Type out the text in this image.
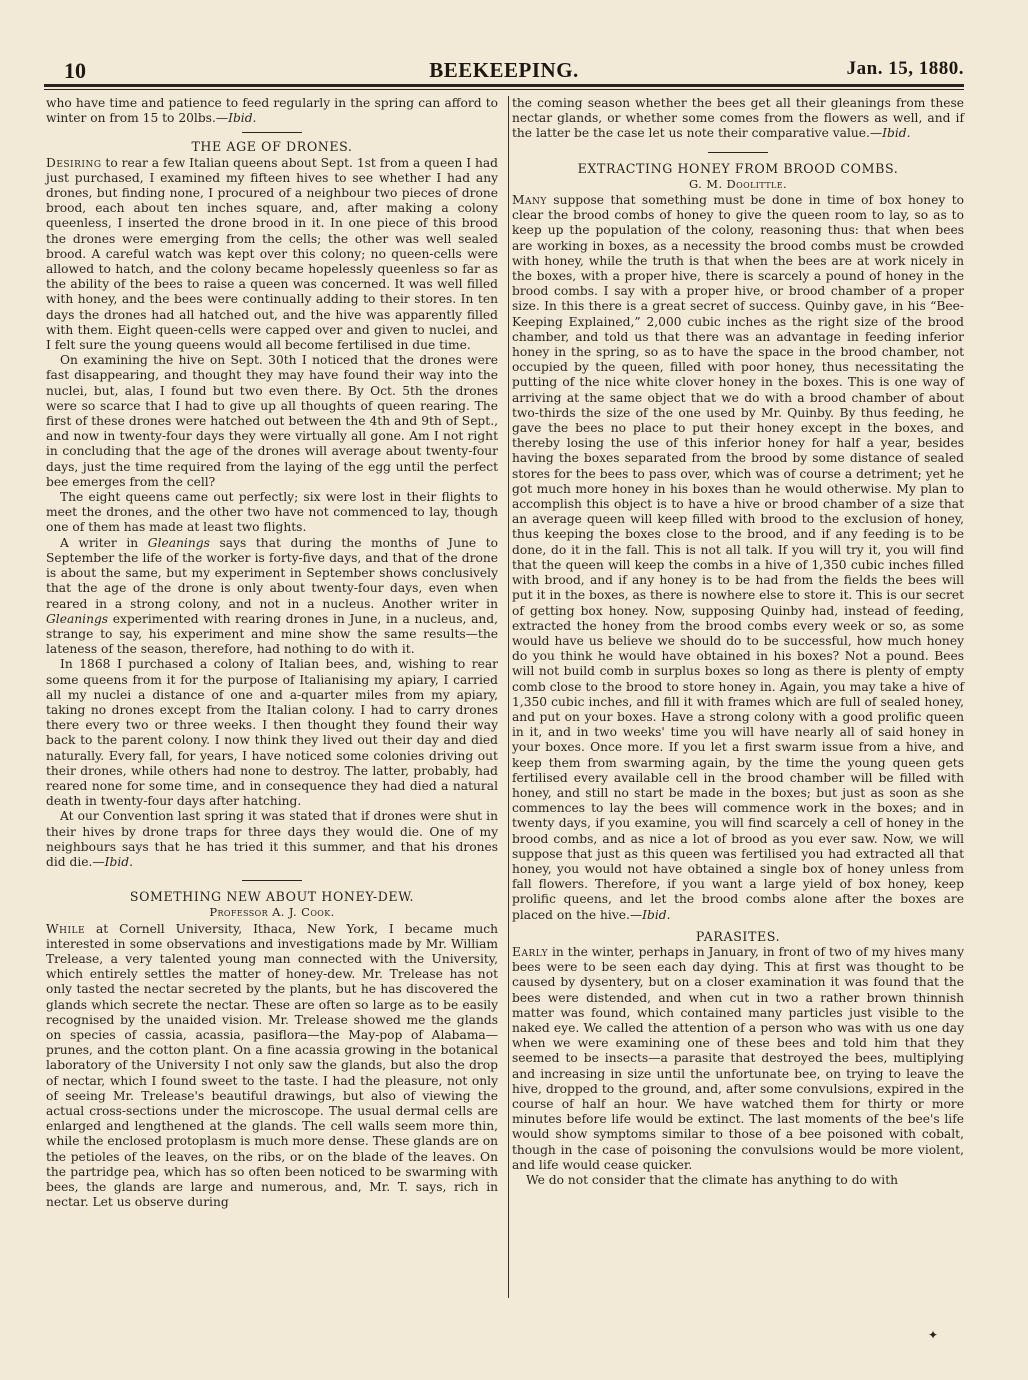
10	BEEKEEPING.	Jan. 15, 1880.

who have time and patience to feed regularly in the spring can afford to winter on from 15 to 20lbs.—Ibid.

THE AGE OF DRONES.

Desiring to rear a few Italian queens about Sept. 1st from a queen I had just purchased, I examined my fifteen hives to see whether I had any drones, but finding none, I procured of a neighbour two pieces of drone brood, each about ten inches square, and, after making a colony queenless, I inserted the drone brood in it. In one piece of this brood the drones were emerging from the cells; the other was well sealed brood. A careful watch was kept over this colony; no queen-cells were allowed to hatch, and the colony became hopelessly queenless so far as the ability of the bees to raise a queen was concerned. It was well filled with honey, and the bees were continually adding to their stores. In ten days the drones had all hatched out, and the hive was apparently filled with them. Eight queen-cells were capped over and given to nuclei, and I felt sure the young queens would all become fertilised in due time.

On examining the hive on Sept. 30th I noticed that the drones were fast disappearing, and thought they may have found their way into the nuclei, but, alas, I found but two even there. By Oct. 5th the drones were so scarce that I had to give up all thoughts of queen rearing. The first of these drones were hatched out between the 4th and 9th of Sept., and now in twenty-four days they were virtually all gone. Am I not right in concluding that the age of the drones will average about twenty-four days, just the time required from the laying of the egg until the perfect bee emerges from the cell?

The eight queens came out perfectly; six were lost in their flights to meet the drones, and the other two have not commenced to lay, though one of them has made at least two flights.

A writer in Gleanings says that during the months of June to September the life of the worker is forty-five days, and that of the drone is about the same, but my experiment in September shows conclusively that the age of the drone is only about twenty-four days, even when reared in a strong colony, and not in a nucleus. Another writer in Gleanings experimented with rearing drones in June, in a nucleus, and, strange to say, his experiment and mine show the same results—the lateness of the season, therefore, had nothing to do with it.

In 1868 I purchased a colony of Italian bees, and, wishing to rear some queens from it for the purpose of Italianising my apiary, I carried all my nuclei a distance of one and a-quarter miles from my apiary, taking no drones except from the Italian colony. I had to carry drones there every two or three weeks. I then thought they found their way back to the parent colony. I now think they lived out their day and died naturally. Every fall, for years, I have noticed some colonies driving out their drones, while others had none to destroy. The latter, probably, had reared none for some time, and in consequence they had died a natural death in twenty-four days after hatching.

At our Convention last spring it was stated that if drones were shut in their hives by drone traps for three days they would die. One of my neighbours says that he has tried it this summer, and that his drones did die.—Ibid.

SOMETHING NEW ABOUT HONEY-DEW.
Professor A. J. Cook.

While at Cornell University, Ithaca, New York, I became much interested in some observations and investigations made by Mr. William Trelease, a very talented young man connected with the University, which entirely settles the matter of honey-dew. Mr. Trelease has not only tasted the nectar secreted by the plants, but he has discovered the glands which secrete the nectar. These are often so large as to be easily recognised by the unaided vision. Mr. Trelease showed me the glands on species of cassia, acassia, pasiflora—the May-pop of Alabama—prunes, and the cotton plant. On a fine acassia growing in the botanical laboratory of the University I not only saw the glands, but also the drop of nectar, which I found sweet to the taste. I had the pleasure, not only of seeing Mr. Trelease's beautiful drawings, but also of viewing the actual cross-sections under the microscope. The usual dermal cells are enlarged and lengthened at the glands. The cell walls seem more thin, while the enclosed protoplasm is much more dense. These glands are on the petioles of the leaves, on the ribs, or on the blade of the leaves. On the partridge pea, which has so often been noticed to be swarming with bees, the glands are large and numerous, and, Mr. T. says, rich in nectar. Let us observe during

the coming season whether the bees get all their gleanings from these nectar glands, or whether some comes from the flowers as well, and if the latter be the case let us note their comparative value.—Ibid.

EXTRACTING HONEY FROM BROOD COMBS.
G. M. Doolittle.

Many suppose that something must be done in time of box honey to clear the brood combs of honey to give the queen room to lay, so as to keep up the population of the colony, reasoning thus: that when bees are working in boxes, as a necessity the brood combs must be crowded with honey, while the truth is that when the bees are at work nicely in the boxes, with a proper hive, there is scarcely a pound of honey in the brood combs. I say with a proper hive, or brood chamber of a proper size. In this there is a great secret of success. Quinby gave, in his “Bee-Keeping Explained,” 2,000 cubic inches as the right size of the brood chamber, and told us that there was an advantage in feeding inferior honey in the spring, so as to have the space in the brood chamber, not occupied by the queen, filled with poor honey, thus necessitating the putting of the nice white clover honey in the boxes. This is one way of arriving at the same object that we do with a brood chamber of about two-thirds the size of the one used by Mr. Quinby. By thus feeding, he gave the bees no place to put their honey except in the boxes, and thereby losing the use of this inferior honey for half a year, besides having the boxes separated from the brood by some distance of sealed stores for the bees to pass over, which was of course a detriment; yet he got much more honey in his boxes than he would otherwise. My plan to accomplish this object is to have a hive or brood chamber of a size that an average queen will keep filled with brood to the exclusion of honey, thus keeping the boxes close to the brood, and if any feeding is to be done, do it in the fall. This is not all talk. If you will try it, you will find that the queen will keep the combs in a hive of 1,350 cubic inches filled with brood, and if any honey is to be had from the fields the bees will put it in the boxes, as there is nowhere else to store it. This is our secret of getting box honey. Now, supposing Quinby had, instead of feeding, extracted the honey from the brood combs every week or so, as some would have us believe we should do to be successful, how much honey do you think he would have obtained in his boxes? Not a pound. Bees will not build comb in surplus boxes so long as there is plenty of empty comb close to the brood to store honey in. Again, you may take a hive of 1,350 cubic inches, and fill it with frames which are full of sealed honey, and put on your boxes. Have a strong colony with a good prolific queen in it, and in two weeks' time you will have nearly all of said honey in your boxes. Once more. If you let a first swarm issue from a hive, and keep them from swarming again, by the time the young queen gets fertilised every available cell in the brood chamber will be filled with honey, and still no start be made in the boxes; but just as soon as she commences to lay the bees will commence work in the boxes; and in twenty days, if you examine, you will find scarcely a cell of honey in the brood combs, and as nice a lot of brood as you ever saw. Now, we will suppose that just as this queen was fertilised you had extracted all that honey, you would not have obtained a single box of honey unless from fall flowers. Therefore, if you want a large yield of box honey, keep prolific queens, and let the brood combs alone after the boxes are placed on the hive.—Ibid.

PARASITES.

Early in the winter, perhaps in January, in front of two of my hives many bees were to be seen each day dying. This at first was thought to be caused by dysentery, but on a closer examination it was found that the bees were distended, and when cut in two a rather brown thinnish matter was found, which contained many particles just visible to the naked eye. We called the attention of a person who was with us one day when we were examining one of these bees and told him that they seemed to be insects—a parasite that destroyed the bees, multiplying and increasing in size until the unfortunate bee, on trying to leave the hive, dropped to the ground, and, after some convulsions, expired in the course of half an hour. We have watched them for thirty or more minutes before life would be extinct. The last moments of the bee's life would show symptoms similar to those of a bee poisoned with cobalt, though in the case of poisoning the convulsions would be more violent, and life would cease quicker.

We do not consider that the climate has anything to do with

✦
